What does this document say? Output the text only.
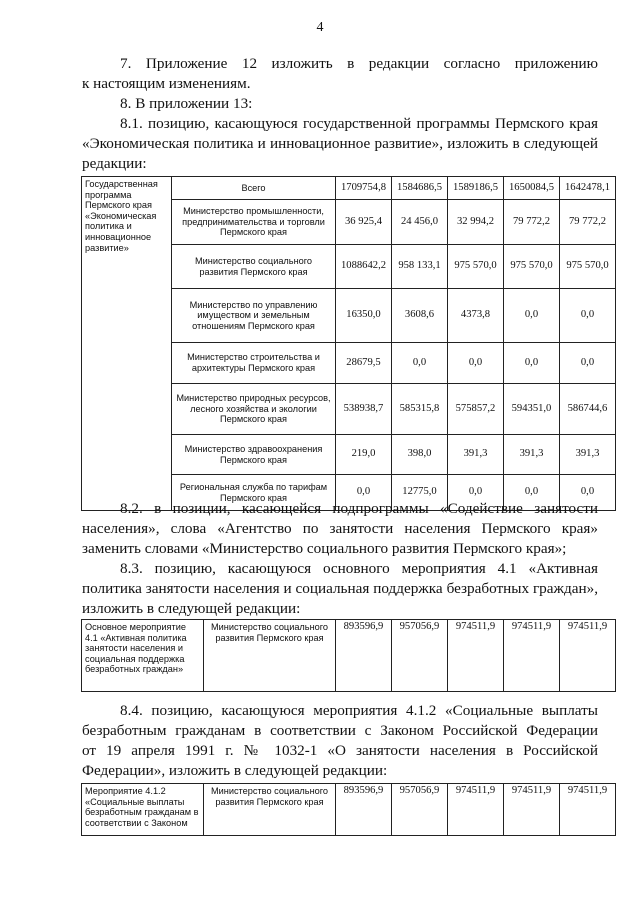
4
7. Приложение 12 изложить в редакции согласно приложению
к настоящим изменениям.
8. В приложении 13:
8.1. позицию, касающуюся государственной программы Пермского края
«Экономическая политика и инновационное развитие», изложить в следующей
редакции:
Государственная программа Пермского края «Экономическая политика и инновационное развитие»	Всего	1709754,8	1584686,5	1589186,5	1650084,5	1642478,1
	Министерство промышленности, предпринимательства и торговли Пермского края	36 925,4	24 456,0	32 994,2	79 772,2	79 772,2
	Министерство социального развития Пермского края	1088642,2	958 133,1	975 570,0	975 570,0	975 570,0
	Министерство по управлению имуществом и земельным отношениям Пермского края	16350,0	3608,6	4373,8	0,0	0,0
	Министерство строительства и архитектуры Пермского края	28679,5	0,0	0,0	0,0	0,0
	Министерство природных ресурсов, лесного хозяйства и экологии Пермского края	538938,7	585315,8	575857,2	594351,0	586744,6
	Министерство здравоохранения Пермского края	219,0	398,0	391,3	391,3	391,3
	Региональная служба по тарифам Пермского края	0,0	12775,0	0,0	0,0	0,0
8.2. в позиции, касающейся подпрограммы «Содействие занятости
населения», слова «Агентство по занятости населения Пермского края»
заменить словами «Министерство социального развития Пермского края»;
8.3. позицию, касающуюся основного мероприятия 4.1 «Активная
политика занятости населения и социальная поддержка безработных граждан»,
изложить в следующей редакции:
Основное мероприятие 4.1 «Активная политика занятости населения и социальная поддержка безработных граждан»	Министерство социального развития Пермского края	893596,9	957056,9	974511,9	974511,9	974511,9
8.4. позицию, касающуюся мероприятия 4.1.2 «Социальные выплаты
безработным гражданам в соответствии с Законом Российской Федерации
от 19 апреля 1991 г. № 1032-1 «О занятости населения в Российской
Федерации», изложить в следующей редакции:
Мероприятие 4.1.2 «Социальные выплаты безработным гражданам в соответствии с Законом	Министерство социального развития Пермского края	893596,9	957056,9	974511,9	974511,9	974511,9
